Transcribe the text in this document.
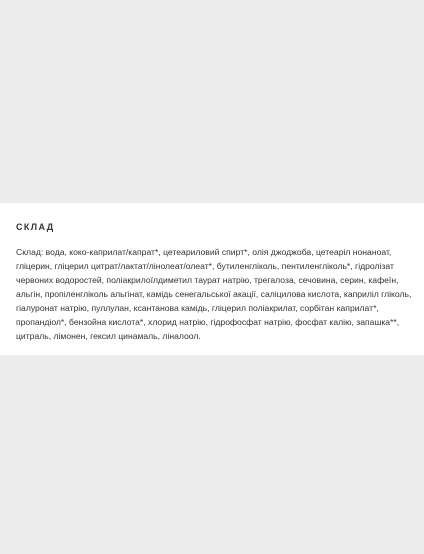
СКЛАД

Склад: вода, коко-каприлат/капрат*, цетеариловий спирт*, олія джоджоба, цетеаріл нонаноат, гліцерин, гліцерил цитрат/лактат/лінолеат/олеат*, бутиленгліколь, пентиленгліколь*, гідролізат червоних водоростей, поліакрилоїлдиметил таурат натрію, трегалоза, сечовина, серин, кафеїн, альгін, пропіленгліколь альгінат, камідь сенегальської акації, саліцилова кислота, каприліл гліколь, гіалуронат натрію, пуллулан, ксантанова камідь, гліцерил поліакрилат, сорбітан каприлат*, пропандіол*, бензойна кислота*, хлорид натрію, гідрофосфат натрію, фосфат калію, запашка**, цитраль, лімонен, гексил цинамаль, ліналоол.
